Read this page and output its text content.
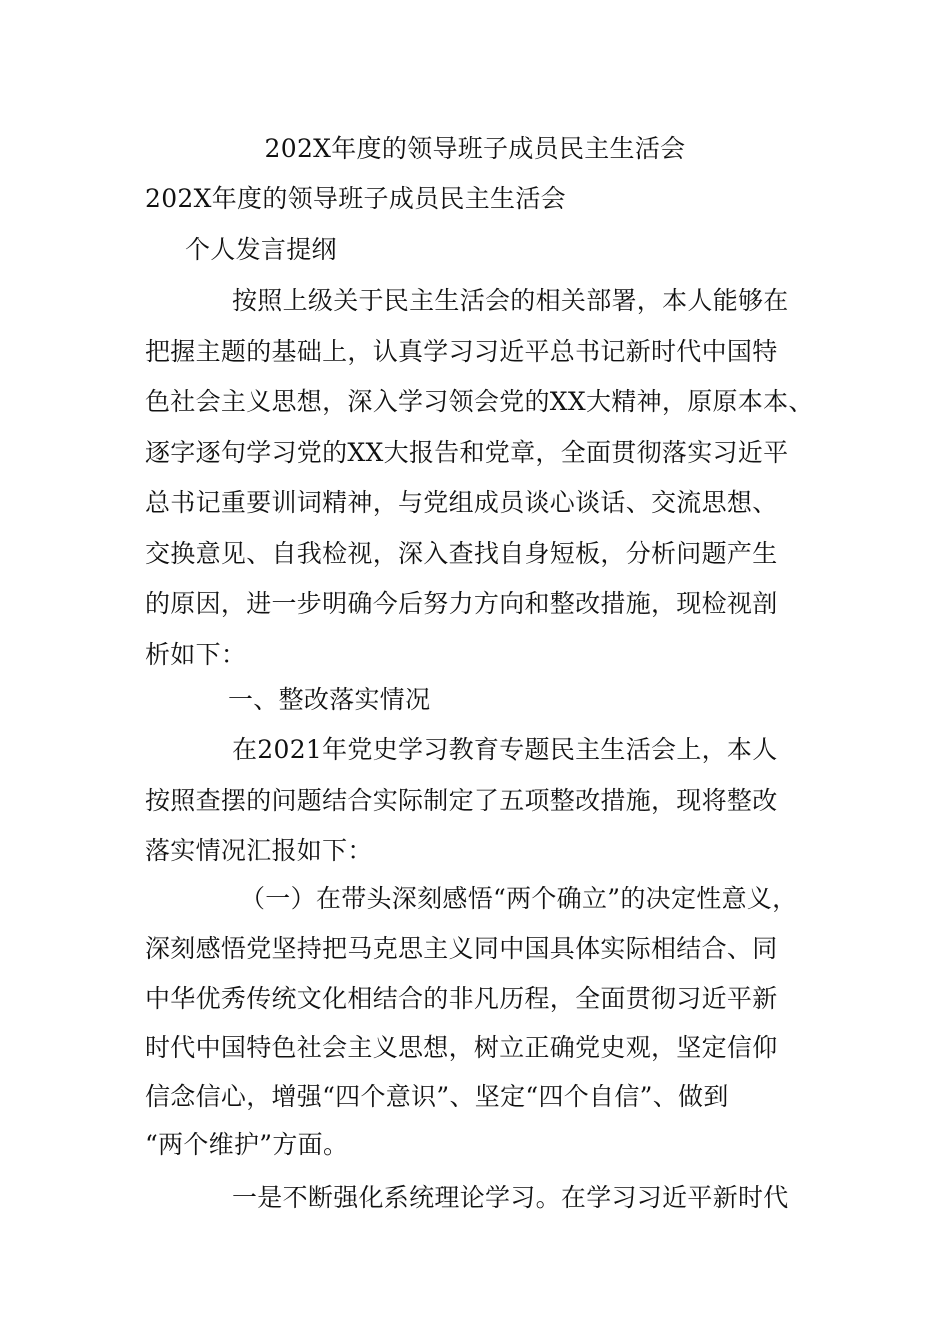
202X年度的领导班子成员民主生活会
202X年度的领导班子成员民主生活会
个人发言提纲
按照上级关于民主生活会的相关部署，本人能够在
把握主题的基础上，认真学习习近平总书记新时代中国特
色社会主义思想，深入学习领会党的XX大精神，原原本本、
逐字逐句学习党的XX大报告和党章，全面贯彻落实习近平
总书记重要训词精神，与党组成员谈心谈话、交流思想、
交换意见、自我检视，深入查找自身短板，分析问题产生
的原因，进一步明确今后努力方向和整改措施，现检视剖
析如下：
一、整改落实情况
在2021年党史学习教育专题民主生活会上，本人
按照查摆的问题结合实际制定了五项整改措施，现将整改
落实情况汇报如下：
（一）在带头深刻感悟“两个确立”的决定性意义，
深刻感悟党坚持把马克思主义同中国具体实际相结合、同
中华优秀传统文化相结合的非凡历程，全面贯彻习近平新
时代中国特色社会主义思想，树立正确党史观，坚定信仰
信念信心，增强“四个意识”、坚定“四个自信”、做到
“两个维护”方面。
一是不断强化系统理论学习。在学习习近平新时代
